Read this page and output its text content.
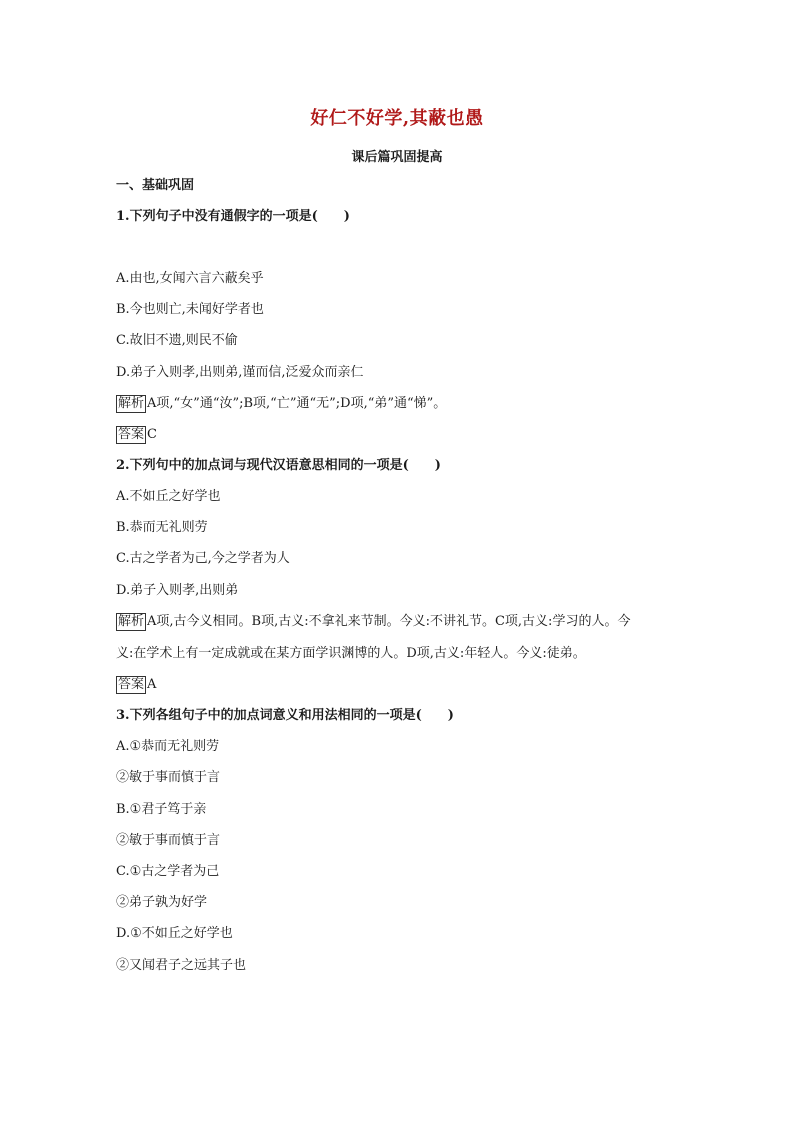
好仁不好学,其蔽也愚
课后篇巩固提高
一、基础巩固
1.下列句子中没有通假字的一项是(　　)
A.由也,女闻六言六蔽矣乎
B.今也则亡,未闻好学者也
C.故旧不遗,则民不偷
D.弟子入则孝,出则弟,谨而信,泛爱众而亲仁
解析 A项,“女”通“汝”;B项,“亡”通“无”;D项,“弟”通“悌”。
答案 C
2.下列句中的加点词与现代汉语意思相同的一项是(　　)
A.不如丘之好学也
B.恭而无礼则劳
C.古之学者为己,今之学者为人
D.弟子入则孝,出则弟
解析 A项,古今义相同。B项,古义:不拿礼来节制。今义:不讲礼节。C项,古义:学习的人。今
义:在学术上有一定成就或在某方面学识渊博的人。D项,古义:年轻人。今义:徒弟。
答案 A
3.下列各组句子中的加点词意义和用法相同的一项是(　　)
A.①恭而无礼则劳
②敏于事而慎于言
B.①君子笃于亲
②敏于事而慎于言
C.①古之学者为己
②弟子孰为好学
D.①不如丘之好学也
②又闻君子之远其子也
